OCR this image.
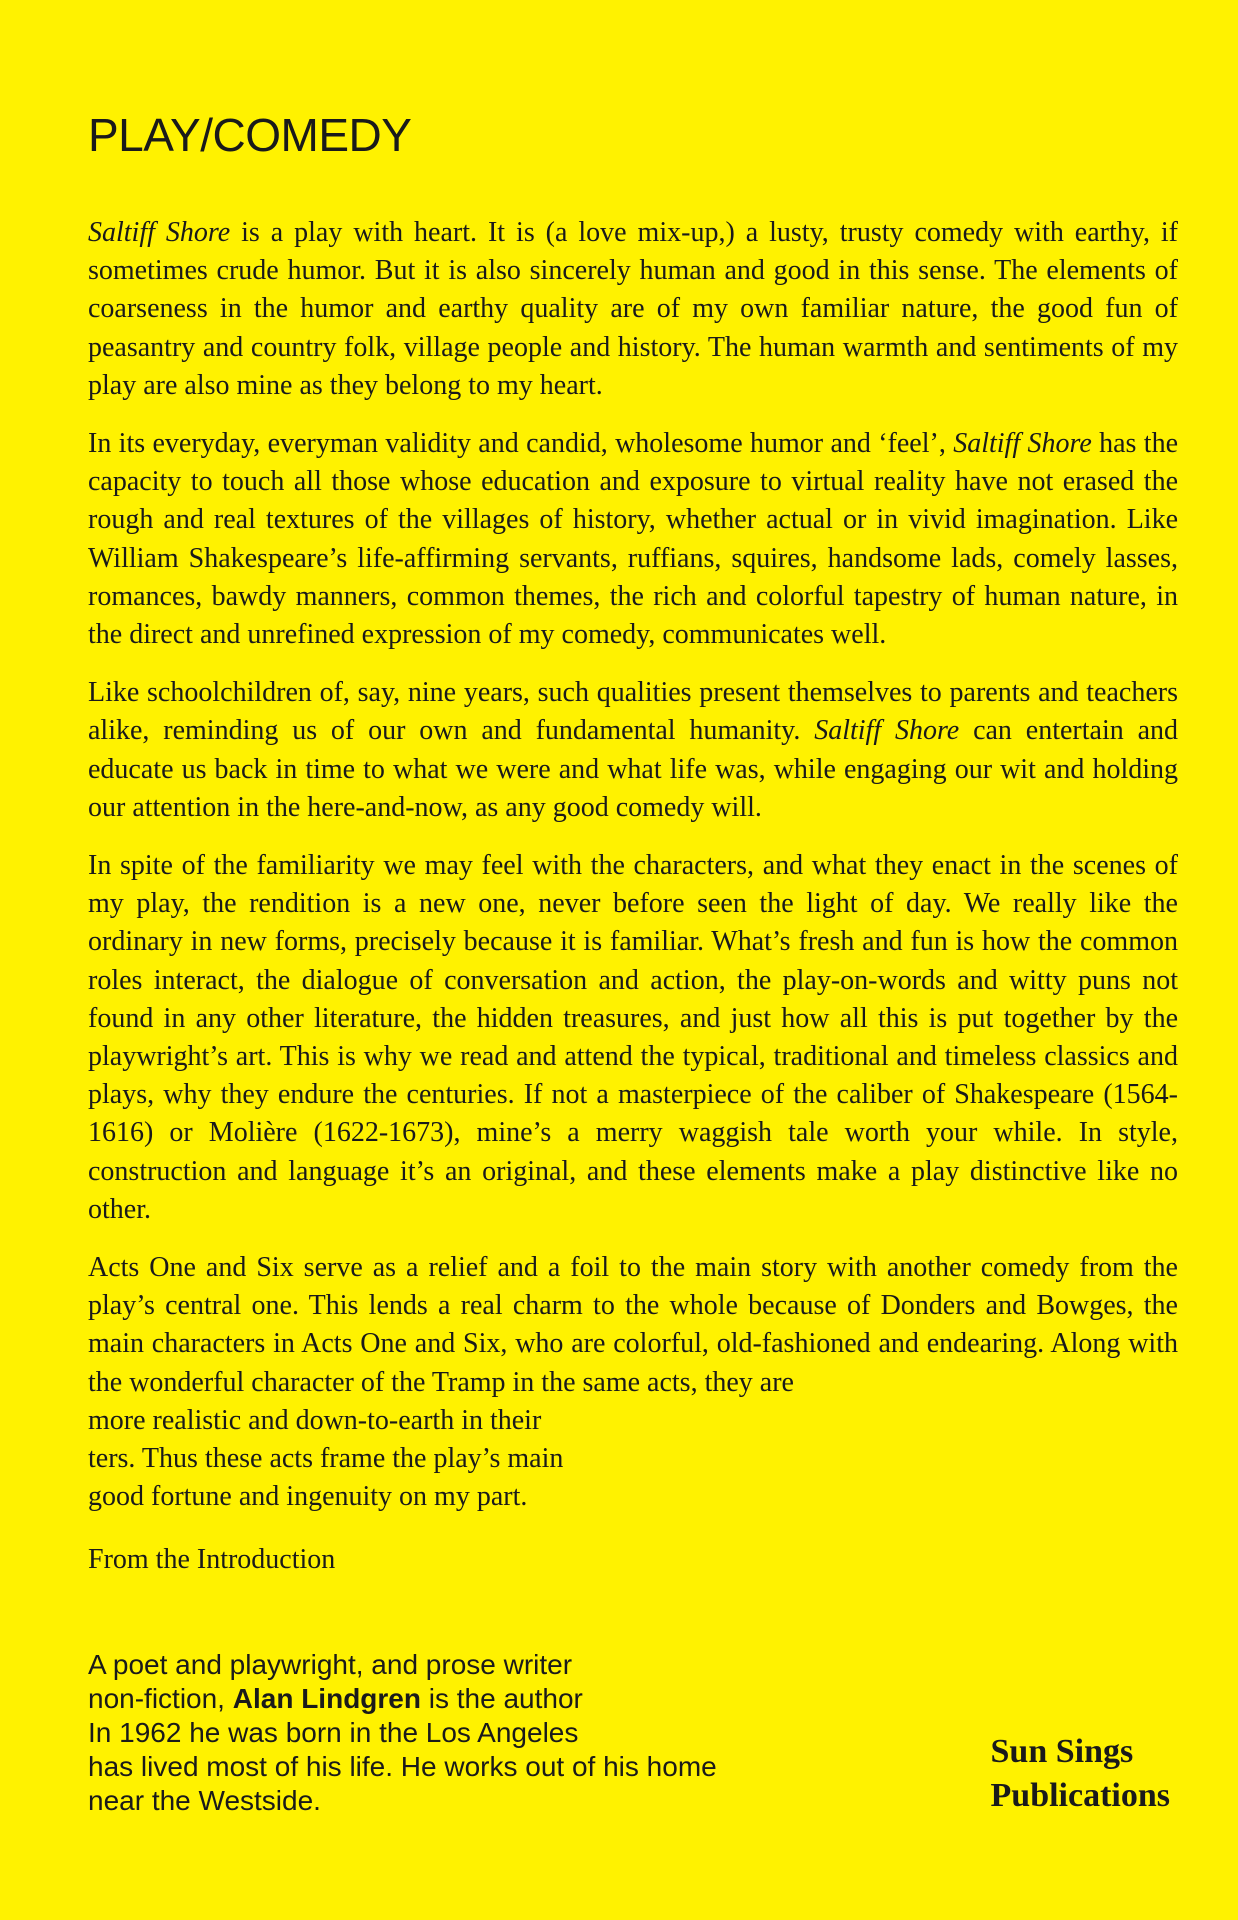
PLAY/COMEDY

Saltiff Shore is a play with heart. It is (a love mix-up,) a lusty, trusty comedy with earthy, if sometimes crude humor. But it is also sincerely human and good in this sense. The elements of coarseness in the humor and earthy quality are of my own familiar nature, the good fun of peasantry and country folk, village people and history. The human warmth and sentiments of my play are also mine as they belong to my heart.

In its everyday, everyman validity and candid, wholesome humor and ‘feel’, Saltiff Shore has the capacity to touch all those whose education and exposure to virtual reality have not erased the rough and real textures of the villages of history, whether actual or in vivid imagination. Like William Shakespeare’s life-affirming servants, ruffians, squires, handsome lads, comely lasses, romances, bawdy manners, common themes, the rich and colorful tapestry of human nature, in the direct and unrefined expression of my comedy, communicates well.

Like schoolchildren of, say, nine years, such qualities present themselves to parents and teachers alike, reminding us of our own and fundamental humanity. Saltiff Shore can entertain and educate us back in time to what we were and what life was, while engaging our wit and holding our attention in the here-and-now, as any good comedy will.

In spite of the familiarity we may feel with the characters, and what they enact in the scenes of my play, the rendition is a new one, never before seen the light of day. We really like the ordinary in new forms, precisely because it is familiar. What’s fresh and fun is how the common roles interact, the dialogue of conversation and action, the play-on-words and witty puns not found in any other literature, the hidden treasures, and just how all this is put together by the playwright’s art. This is why we read and attend the typical, traditional and timeless classics and plays, why they endure the centuries. If not a masterpiece of the caliber of Shakespeare (1564-1616) or Molière (1622-1673), mine’s a merry waggish tale worth your while. In style, construction and language it’s an original, and these elements make a play distinctive like no other.

Acts One and Six serve as a relief and a foil to the main story with another comedy from the play’s central one. This lends a real charm to the whole because of Donders and Bowges, the main characters in Acts One and Six, who are colorful, old-fashioned and endearing. Along with the wonderful character of the Tramp in the same acts, they are

more realistic and down-to-earth in their
ters. Thus these acts frame the play’s main
good fortune and ingenuity on my part.
From the Introduction
A poet and playwright, and prose writer
non-fiction, Alan Lindgren is the author
In 1962 he was born in the Los Angeles
has lived most of his life. He works out of his home
near the Westside.
Sun Sings
Publications
